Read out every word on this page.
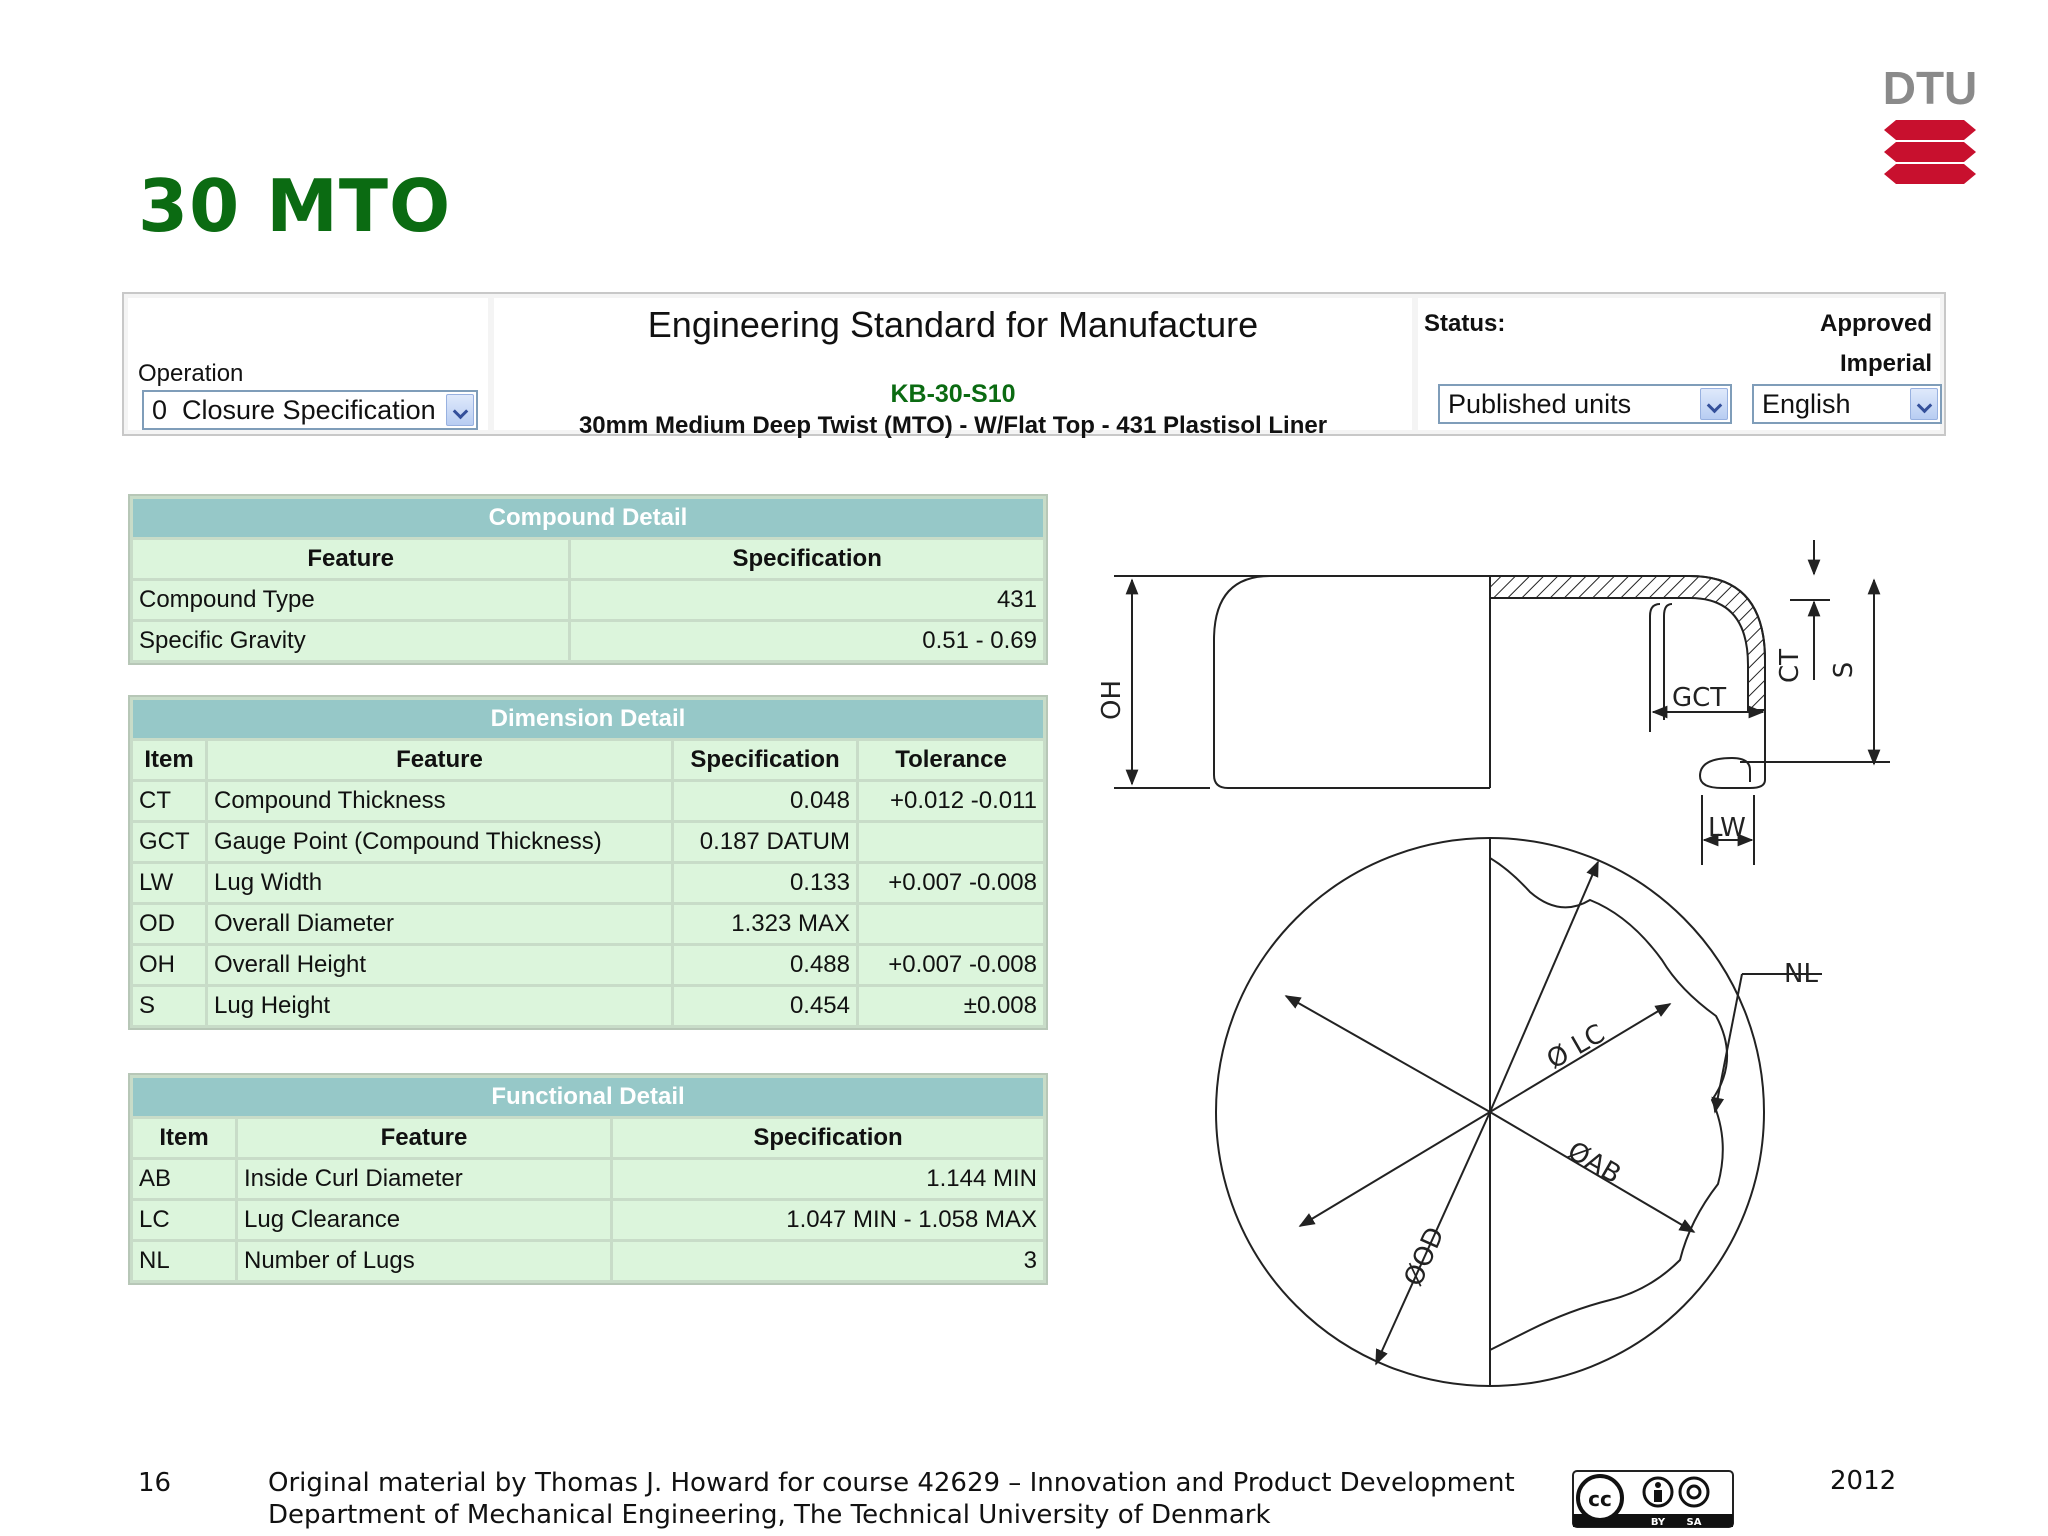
30 MTO
DTU
Operation
0  Closure Specification
Engineering Standard for Manufacture
KB-30-S10
30mm Medium Deep Twist (MTO) - W/Flat Top - 431 Plastisol Liner
Status:	Approved
Imperial
Published units	English
Compound Detail	
Feature	Specification
Compound Type	431
Specific Gravity	0.51 - 0.69
Dimension Detail			
Item	Feature	Specification	Tolerance
CT	Compound Thickness	0.048	+0.012 -0.011
GCT	Gauge Point (Compound Thickness)	0.187 DATUM	
LW	Lug Width	0.133	+0.007 -0.008
OD	Overall Diameter	1.323 MAX	
OH	Overall Height	0.488	+0.007 -0.008
S	Lug Height	0.454	±0.008
Functional Detail		
Item	Feature	Specification
AB	Inside Curl Diameter	1.144 MIN
LC	Lug Clearance	1.047 MIN - 1.058 MAX
NL	Number of Lugs	3
OH	GCT
CT S
LW
NL
Ø LC
ØAB
ØOD
16	Original material by Thomas J. Howard for course 42629 – Innovation and Product Development
Department of Mechanical Engineering, The Technical University of Denmark
cc
BY SA
2012
